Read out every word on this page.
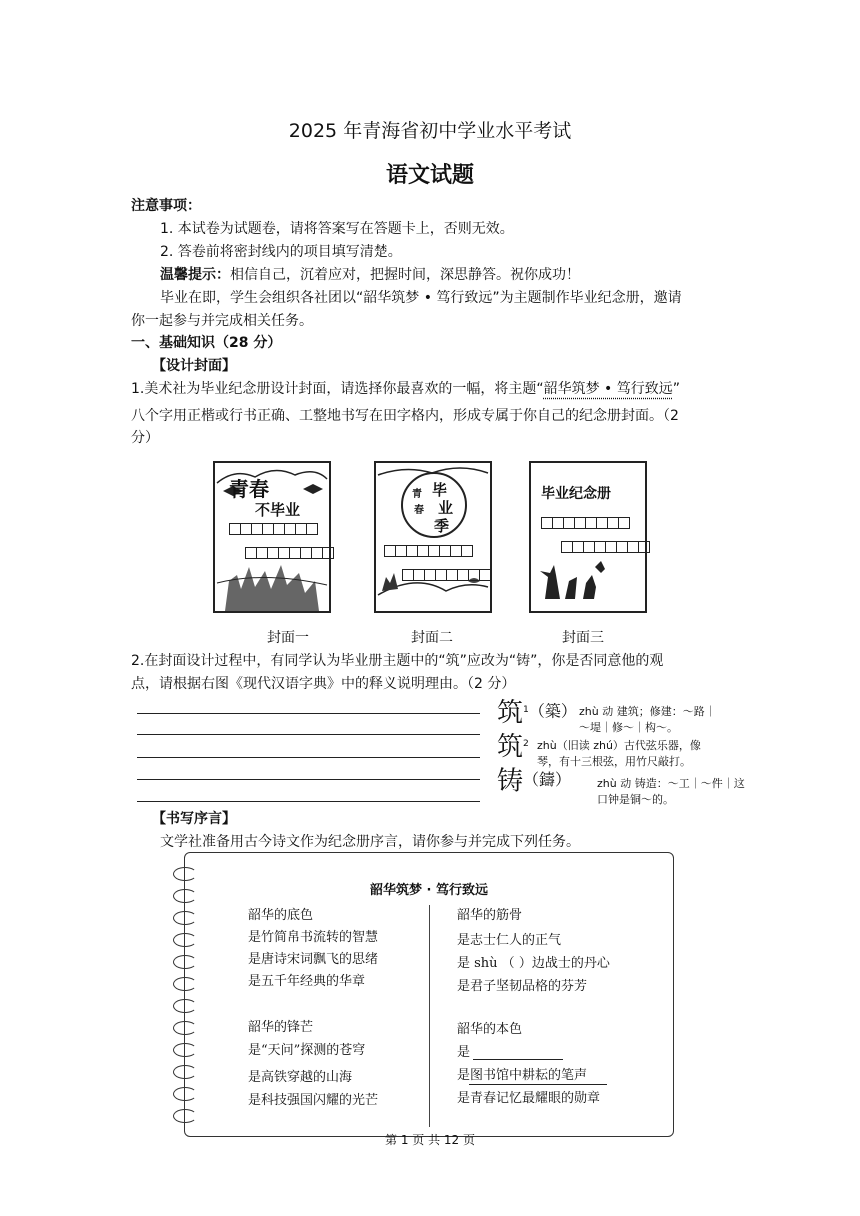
2025 年青海省初中学业水平考试
语文试题
注意事项：
1. 本试卷为试题卷，请将答案写在答题卡上，否则无效。
2. 答卷前将密封线内的项目填写清楚。
温馨提示：相信自己，沉着应对，把握时间，深思静答。祝你成功！
毕业在即，学生会组织各社团以“韶华筑梦 • 笃行致远”为主题制作毕业纪念册，邀请
你一起参与并完成相关任务。
一、基础知识（28 分）
【设计封面】
1.美术社为毕业纪念册设计封面，请选择你最喜欢的一幅，将主题“韶华筑梦 • 笃行致远”
八个字用正楷或行书正确、工整地书写在田字格内，形成专属于你自己的纪念册封面。（2
分）
青春
不毕业
青
春
毕
业
季
毕业纪念册
封面一	封面二	封面三
2.在封面设计过程中，有同学认为毕业册主题中的“筑”应改为“铸”，你是否同意他的观
点，请根据右图《现代汉语字典》中的释义说明理由。（2 分）
筑$^1$（築） zhù 动 建筑；修建：～路｜
～堤｜修～｜构～。
筑$^2$ zhù（旧读 zhú）古代弦乐器，像
琴，有十三根弦，用竹尺敲打。
铸（鑄） zhù 动 铸造：～工｜～件｜这
口钟是铜～的。
【书写序言】
文学社准备用古今诗文作为纪念册序言，请你参与并完成下列任务。
韶华筑梦 · 笃行致远
韶华的底色
是竹简帛书流转的智慧
是唐诗宋词飘飞的思绪
是五千年经典的华章
韶华的锋芒
是“天问”探测的苍穹
是高铁穿越的山海
是科技强国闪耀的光芒
韶华的筋骨
是志士仁人的正气
是 shù （ ）边战士的丹心
是君子坚韧品格的芬芳
韶华的本色
是
是图书馆中耕耘的笔声
是青春记忆最耀眼的勋章
第 1 页 共 12 页
